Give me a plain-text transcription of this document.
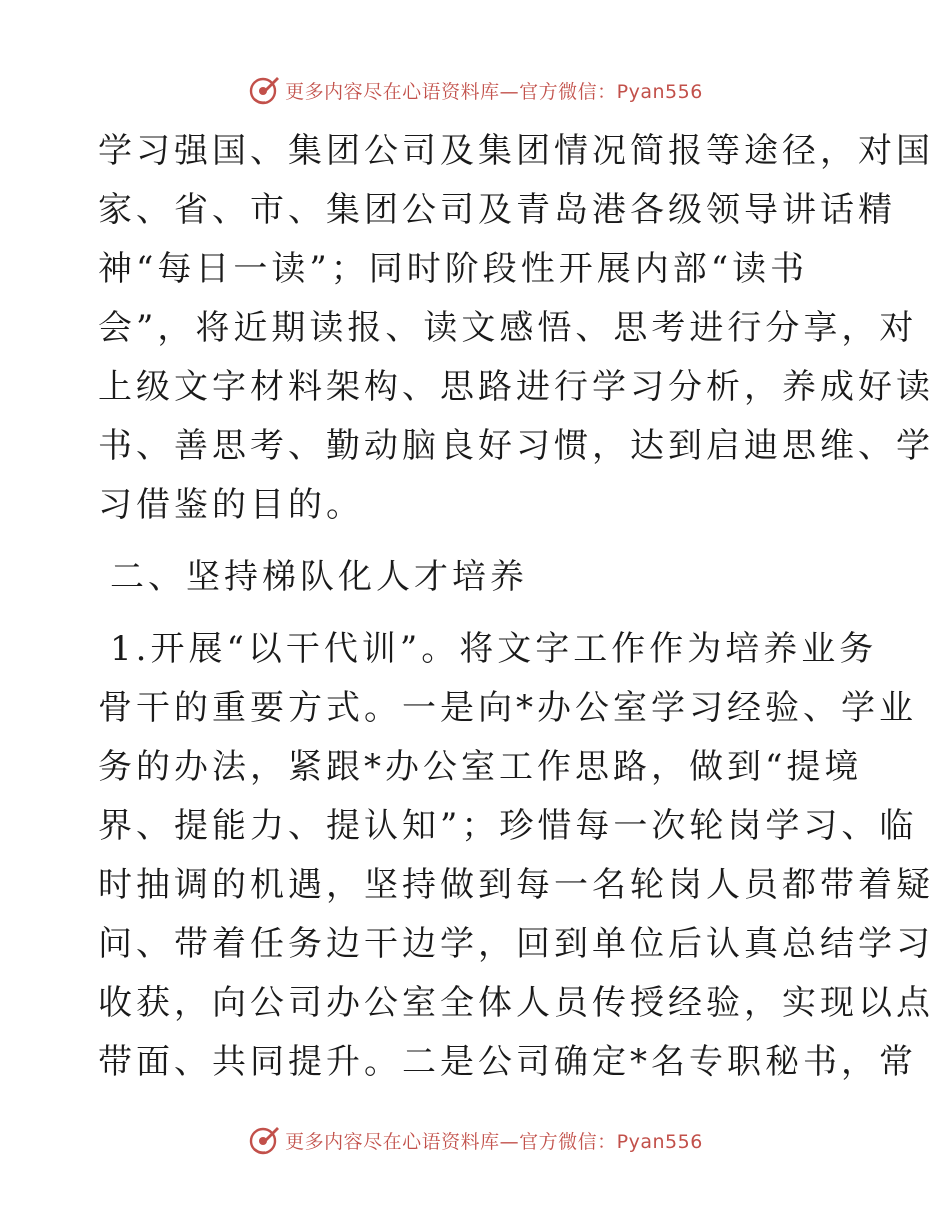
更多内容尽在心语资料库—官方微信：Pyan556
学习强国、集团公司及集团情况简报等途径，对国
家、省、市、集团公司及青岛港各级领导讲话精
神“每日一读”；同时阶段性开展内部“读书
会”，将近期读报、读文感悟、思考进行分享，对
上级文字材料架构、思路进行学习分析，养成好读
书、善思考、勤动脑良好习惯，达到启迪思维、学
习借鉴的目的。
二、坚持梯队化人才培养
1.开展“以干代训”。将文字工作作为培养业务
骨干的重要方式。一是向*办公室学习经验、学业
务的办法，紧跟*办公室工作思路，做到“提境
界、提能力、提认知”；珍惜每一次轮岗学习、临
时抽调的机遇，坚持做到每一名轮岗人员都带着疑
问、带着任务边干边学，回到单位后认真总结学习
收获，向公司办公室全体人员传授经验，实现以点
带面、共同提升。二是公司确定*名专职秘书，常
更多内容尽在心语资料库—官方微信：Pyan556
